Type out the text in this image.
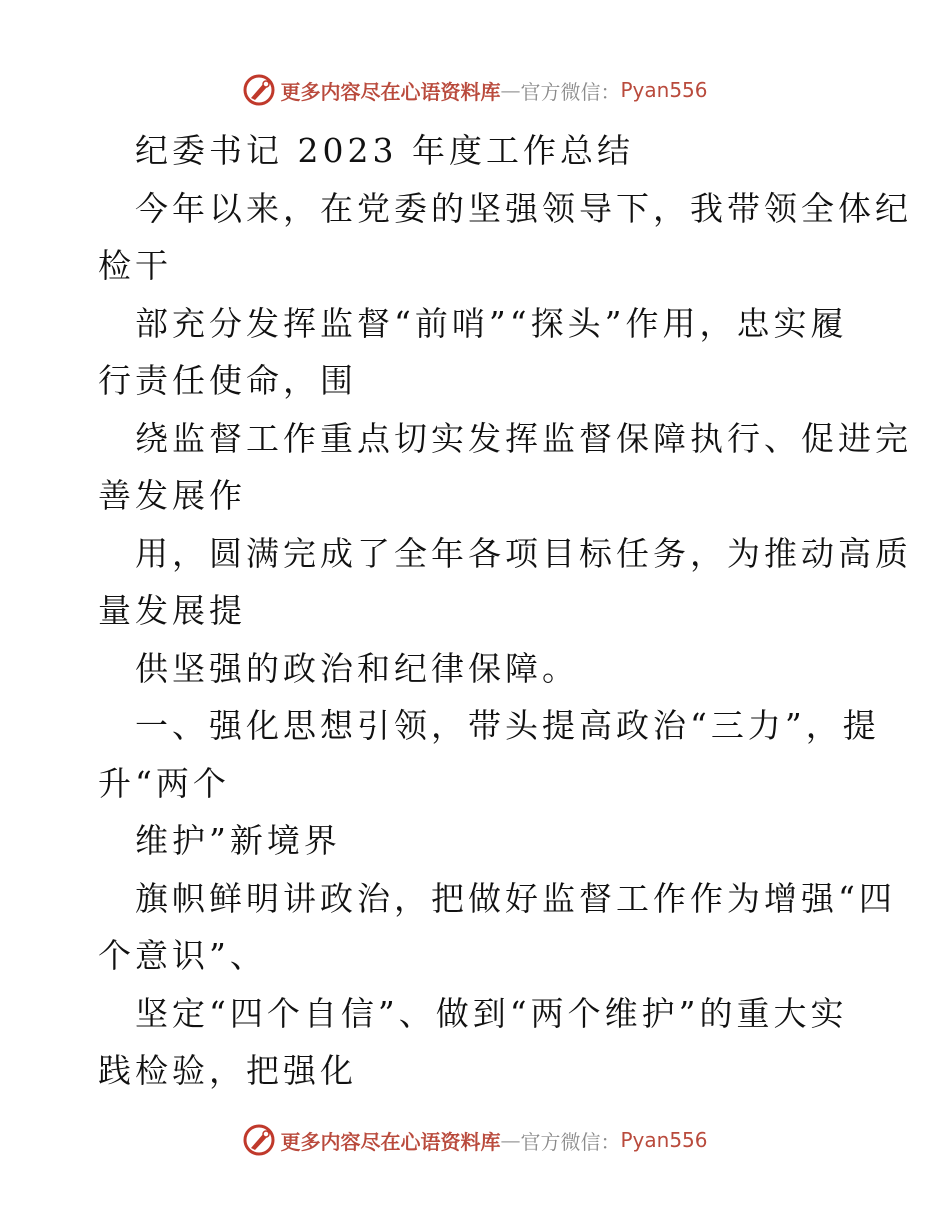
更多内容尽在心语资料库 — 官方微信： Pyan556
纪委书记 2023 年度工作总结
今年以来，在党委的坚强领导下，我带领全体纪
检干
部充分发挥监督“前哨”“探头”作用，忠实履
行责任使命，围
绕监督工作重点切实发挥监督保障执行、促进完
善发展作
用，圆满完成了全年各项目标任务，为推动高质
量发展提
供坚强的政治和纪律保障。
一、强化思想引领，带头提高政治“三力”，提
升“两个
维护”新境界
旗帜鲜明讲政治，把做好监督工作作为增强“四
个意识”、
坚定“四个自信”、做到“两个维护”的重大实
践检验，把强化
更多内容尽在心语资料库 — 官方微信： Pyan556
